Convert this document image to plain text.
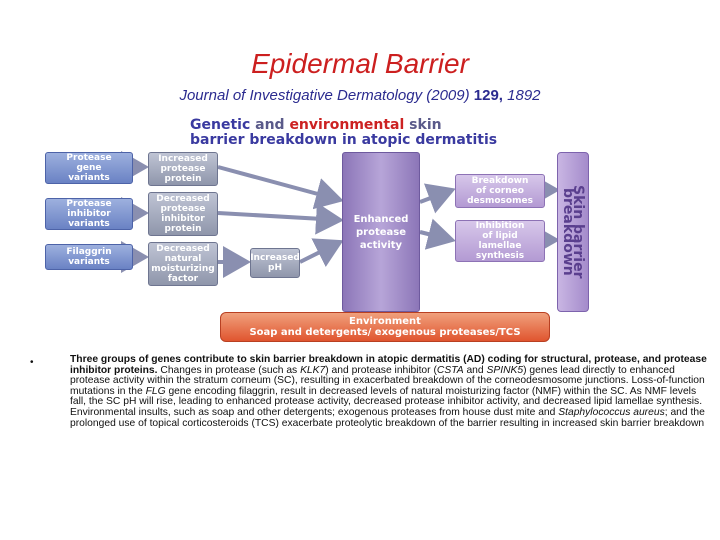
Epidermal Barrier
Journal of Investigative Dermatology (2009) 129, 1892
Genetic and environmental skin
barrier breakdown in atopic dermatitis
Protease
gene
variants
Protease
inhibitor
variants
Filaggrin
variants
Increased
protease
protein
Decreased
protease
inhibitor
protein
Decreased
natural
moisturizing
factor
Increased
pH
Enhanced
protease
activity
Breakdown
of corneo
desmosomes
Inhibition
of lipid
lamellae
synthesis	Skin barrier breakdown
Environment
Soap and detergents/ exogenous proteases/TCS
•	Three groups of genes contribute to skin barrier breakdown in atopic dermatitis (AD) coding for structural, protease, and protease inhibitor proteins. Changes in protease (such as KLK7) and protease inhibitor (CSTA and SPINK5) genes lead directly to enhanced protease activity within the stratum corneum (SC), resulting in exacerbated breakdown of the corneodesmosome junctions. Loss-of-function mutations in the FLG gene encoding filaggrin, result in decreased levels of natural moisturizing factor (NMF) within the SC. As NMF levels fall, the SC pH will rise, leading to enhanced protease activity, decreased protease inhibitor activity, and decreased lipid lamellae synthesis. Environmental insults, such as soap and other detergents; exogenous proteases from house dust mite and Staphylococcus aureus; and the prolonged use of topical corticosteroids (TCS) exacerbate proteolytic breakdown of the barrier resulting in increased skin barrier breakdown
